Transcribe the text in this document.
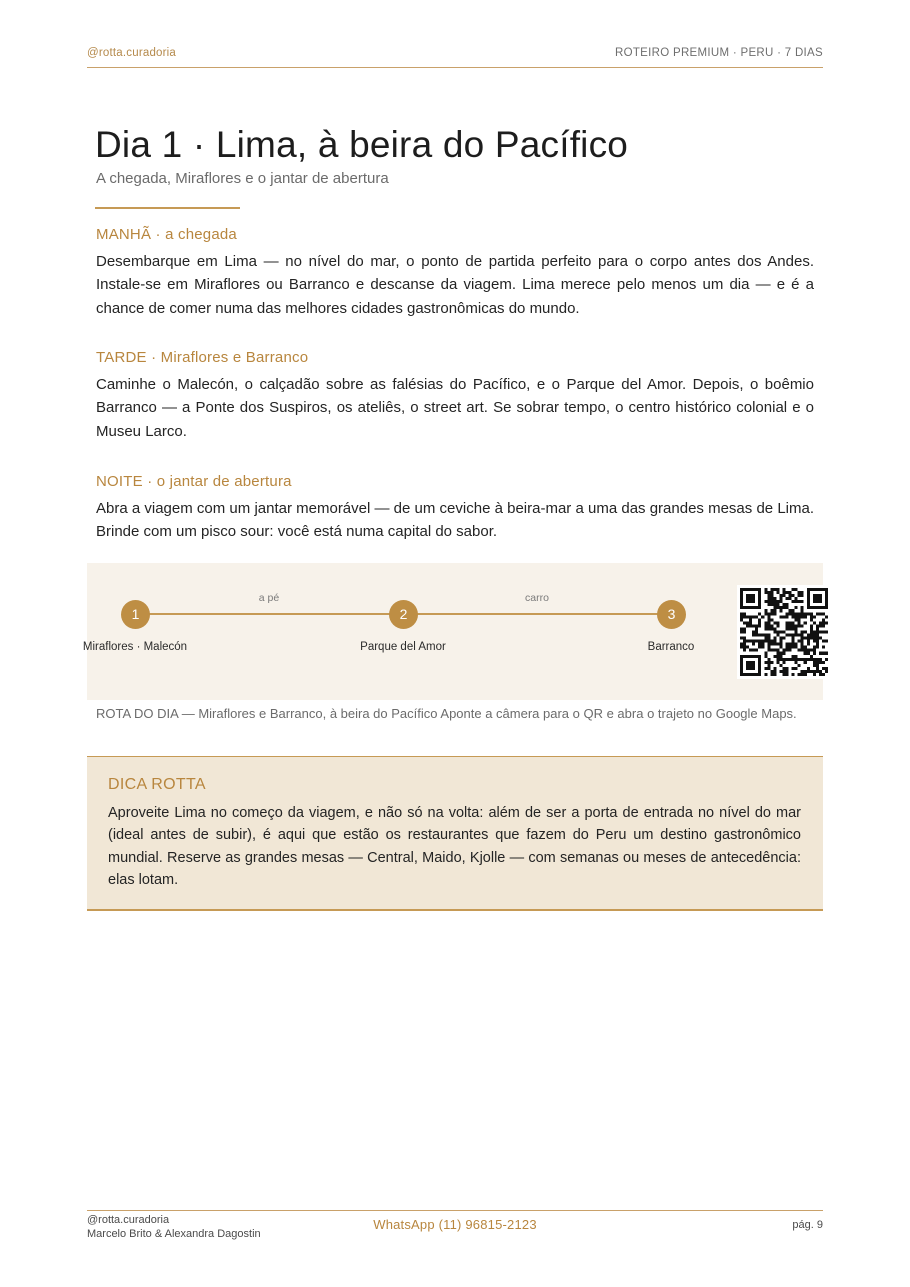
@rotta.curadoria	ROTEIRO PREMIUM · PERU · 7 DIAS
Dia 1 · Lima, à beira do Pacífico
A chegada, Miraflores e o jantar de abertura
MANHÃ · a chegada

Desembarque em Lima — no nível do mar, o ponto de partida perfeito para o corpo antes dos Andes. Instale-se em Miraflores ou Barranco e descanse da viagem. Lima merece pelo menos um dia — e é a chance de comer numa das melhores cidades gastronômicas do mundo.

TARDE · Miraflores e Barranco

Caminhe o Malecón, o calçadão sobre as falésias do Pacífico, e o Parque del Amor. Depois, o boêmio Barranco — a Ponte dos Suspiros, os ateliês, o street art. Se sobrar tempo, o centro histórico colonial e o Museu Larco.

NOITE · o jantar de abertura

Abra a viagem com um jantar memorável — de um ceviche à beira-mar a uma das grandes mesas de Lima. Brinde com um pisco sour: você está numa capital do sabor.

a pé	carro
1	2	3
Miraflores · Malecón	Parque del Amor	Barranco
ROTA DO DIA — Miraflores e Barranco, à beira do Pacífico Aponte a câmera para o QR e abra o trajeto no Google Maps.
DICA ROTTA

Aproveite Lima no começo da viagem, e não só na volta: além de ser a porta de entrada no nível do mar (ideal antes de subir), é aqui que estão os restaurantes que fazem do Peru um destino gastronômico mundial. Reserve as grandes mesas — Central, Maido, Kjolle — com semanas ou meses de antecedência: elas lotam.

@rotta.curadoria
Marcelo Brito & Alexandra Dagostin
WhatsApp (11) 96815-2123	pág. 9
